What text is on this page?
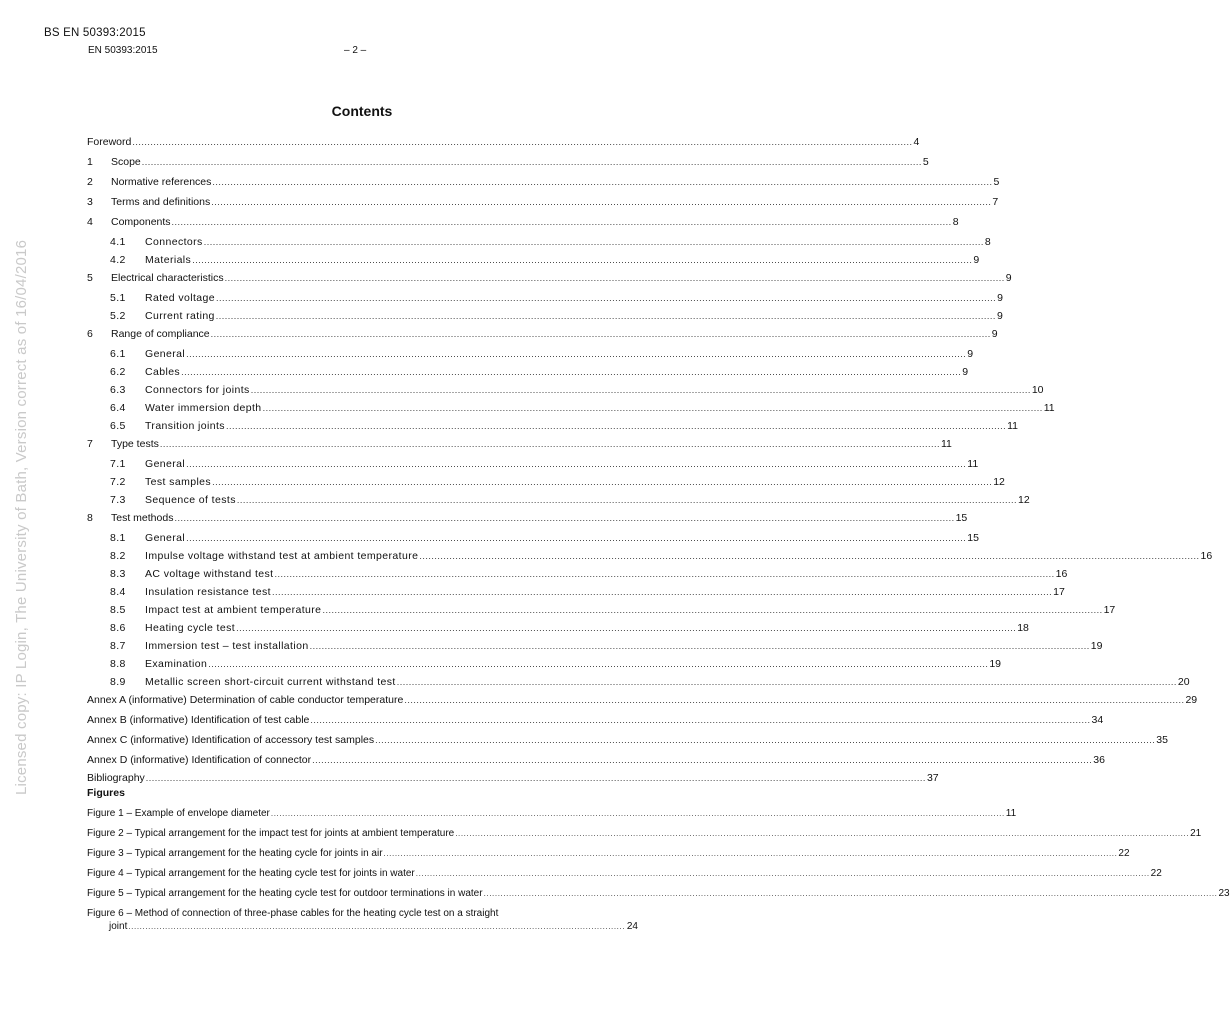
BS EN 50393:2015
EN 50393:2015	– 2 –
Licensed copy: IP Login, The University of Bath, Version correct as of 16/04/2016
Contents
Foreword .................................................................................................................................................................................................................................................................... 4
1	Scope .................................................................................................................................................................................................................................................................... 5
2	Normative references .................................................................................................................................................................................................................................................................... 5
3	Terms and definitions .................................................................................................................................................................................................................................................................... 7
4	Components .................................................................................................................................................................................................................................................................... 8
4.1	Connectors .................................................................................................................................................................................................................................................................... 8
4.2	Materials .................................................................................................................................................................................................................................................................... 9
5	Electrical characteristics .................................................................................................................................................................................................................................................................... 9
5.1	Rated voltage .................................................................................................................................................................................................................................................................... 9
5.2	Current rating .................................................................................................................................................................................................................................................................... 9
6	Range of compliance .................................................................................................................................................................................................................................................................... 9
6.1	General .................................................................................................................................................................................................................................................................... 9
6.2	Cables .................................................................................................................................................................................................................................................................... 9
6.3	Connectors for joints .................................................................................................................................................................................................................................................................... 10
6.4	Water immersion depth .................................................................................................................................................................................................................................................................... 11
6.5	Transition joints .................................................................................................................................................................................................................................................................... 11
7	Type tests .................................................................................................................................................................................................................................................................... 11
7.1	General .................................................................................................................................................................................................................................................................... 11
7.2	Test samples .................................................................................................................................................................................................................................................................... 12
7.3	Sequence of tests .................................................................................................................................................................................................................................................................... 12
8	Test methods .................................................................................................................................................................................................................................................................... 15
8.1	General .................................................................................................................................................................................................................................................................... 15
8.2	Impulse voltage withstand test at ambient temperature .................................................................................................................................................................................................................................................................... 16
8.3	AC voltage withstand test .................................................................................................................................................................................................................................................................... 16
8.4	Insulation resistance test .................................................................................................................................................................................................................................................................... 17
8.5	Impact test at ambient temperature .................................................................................................................................................................................................................................................................... 17
8.6	Heating cycle test .................................................................................................................................................................................................................................................................... 18
8.7	Immersion test – test installation .................................................................................................................................................................................................................................................................... 19
8.8	Examination .................................................................................................................................................................................................................................................................... 19
8.9	Metallic screen short-circuit current withstand test .................................................................................................................................................................................................................................................................... 20
Annex A (informative) Determination of cable conductor temperature .................................................................................................................................................................................................................................................................... 29
Annex B (informative) Identification of test cable .................................................................................................................................................................................................................................................................... 34
Annex C (informative) Identification of accessory test samples .................................................................................................................................................................................................................................................................... 35
Annex D (informative) Identification of connector .................................................................................................................................................................................................................................................................... 36
Bibliography .................................................................................................................................................................................................................................................................... 37
Figures
Figure 1 – Example of envelope diameter .................................................................................................................................................................................................................................................................... 11
Figure 2 – Typical arrangement for the impact test for joints at ambient temperature .................................................................................................................................................................................................................................................................... 21
Figure 3 – Typical arrangement for the heating cycle for joints in air .................................................................................................................................................................................................................................................................... 22
Figure 4 – Typical arrangement for the heating cycle test for joints in water .................................................................................................................................................................................................................................................................... 22
Figure 5 – Typical arrangement for the heating cycle test for outdoor terminations in water .................................................................................................................................................................................................................................................................... 23
Figure 6 – Method of connection of three-phase cables for the heating cycle test on a straight
joint ................................................................................................................................................................................ 24
